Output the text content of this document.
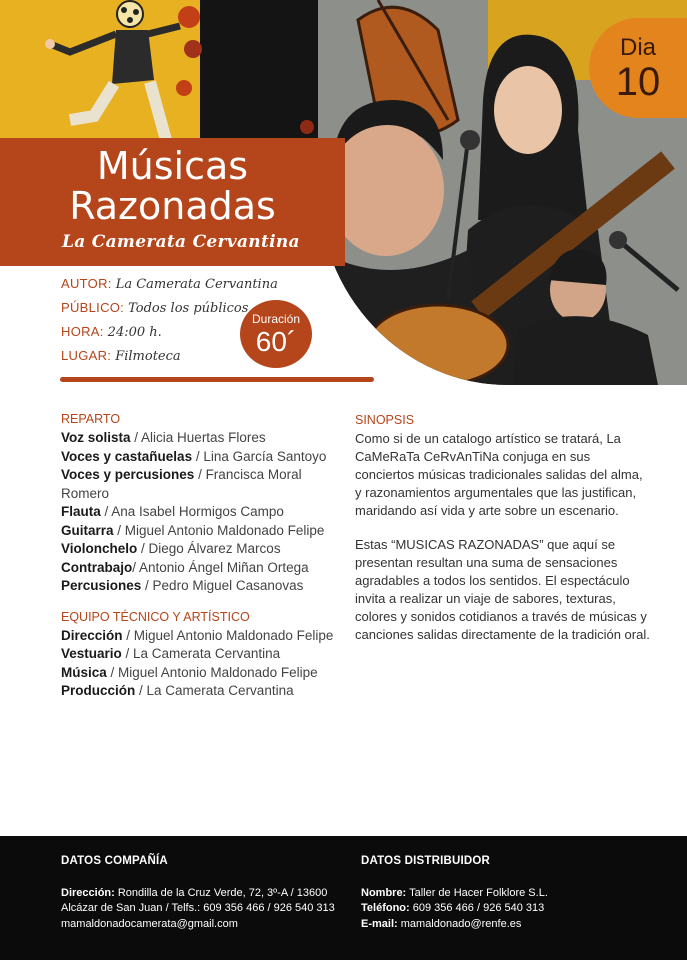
Dia
10
Músicas
Razonadas
La Camerata Cervantina
AUTOR: La Camerata Cervantina
PÚBLICO: Todos los públicos
HORA: 24:00 h.
LUGAR: Filmoteca
Duración
60´
REPARTO
Voz solista / Alicia Huertas Flores
Voces y castañuelas / Lina García Santoyo
Voces y percusiones / Francisca Moral Romero
Flauta / Ana Isabel Hormigos Campo
Guitarra / Miguel Antonio Maldonado Felipe
Violonchelo / Diego Álvarez Marcos
Contrabajo/ Antonio Ángel Miñan Ortega
Percusiones / Pedro Miguel Casanovas
EQUIPO TÉCNICO Y ARTÍSTICO
Dirección / Miguel Antonio Maldonado Felipe
Vestuario / La Camerata Cervantina
Música / Miguel Antonio Maldonado Felipe
Producción / La Camerata Cervantina
SINOPSIS
Como si de un catalogo artístico se tratará, La CaMeRaTa CeRvAnTiNa conjuga en sus conciertos músicas tradicionales salidas del alma, y razonamientos argumentales que las justifican, maridando así vida y arte sobre un escenario.
Estas “MUSICAS RAZONADAS” que aquí se presentan resultan una suma de sensaciones agradables a todos los sentidos. El espectáculo invita a realizar un viaje de sabores, texturas, colores y sonidos cotidianos a través de músicas y canciones salidas directamente de la tradición oral.
DATOS COMPAÑÍA
Dirección: Rondilla de la Cruz Verde, 72, 3º-A / 13600
Alcázar de San Juan / Telfs.: 609 356 466 / 926 540 313
mamaldonadocamerata@gmail.com
DATOS DISTRIBUIDOR
Nombre: Taller de Hacer Folklore S.L.
Teléfono: 609 356 466 / 926 540 313
E-mail: mamaldonado@renfe.es
